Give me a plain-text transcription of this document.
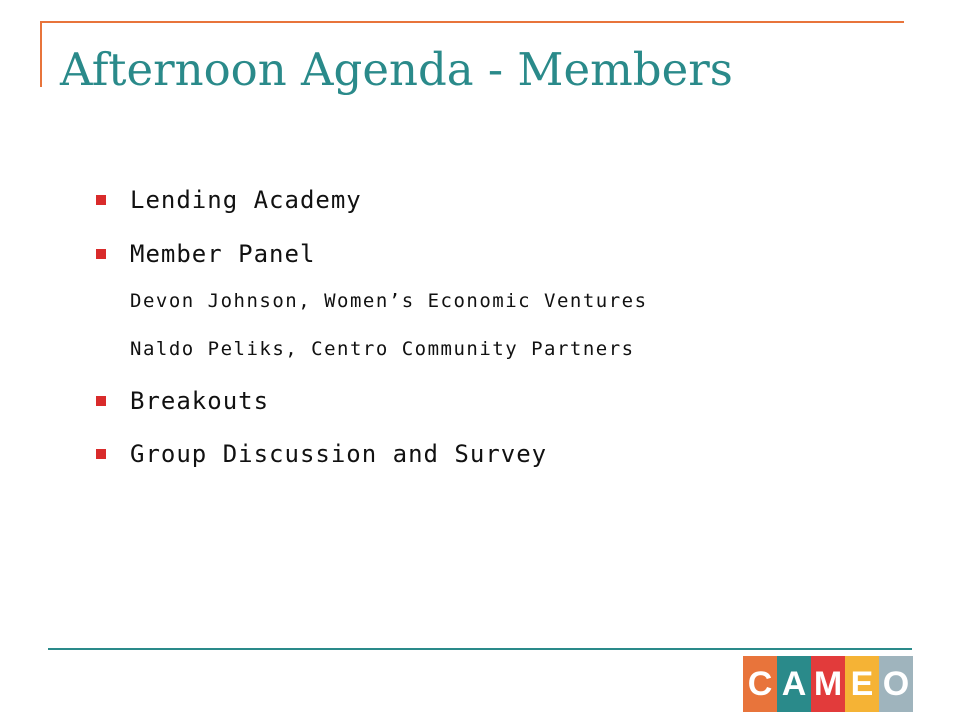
Afternoon Agenda - Members
Lending Academy
Member Panel
Devon Johnson, Women’s Economic Ventures
Naldo Peliks, Centro Community Partners
Breakouts
Group Discussion and Survey
C A M E O
